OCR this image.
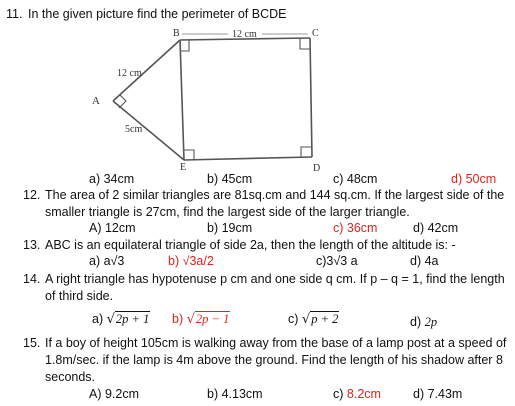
11. In the given picture find the perimeter of BCDE
B	C
D
E
A
12 cm
12 cm
5cm
a) 34cm	b) 45cm	c) 48cm	d) 50cm
12. The area of 2 similar triangles are 81sq.cm and 144 sq.cm. If the largest side of the
smaller triangle is 27cm, find the largest side of the larger triangle.
A) 12cm	b) 19cm	c) 36cm	d) 42cm
13. ABC is an equilateral triangle of side 2a, then the length of the altitude is: -
a) a√3	b) √3a/2	c)3√3 a	d) 4a
14. A right triangle has hypotenuse p cm and one side q cm. If p – q = 1, find the length
of third side.
a) √2p + 1 b) √2p − 1	c) √p + 2	d) 2p
15. If a boy of height 105cm is walking away from the base of a lamp post at a speed of
1.8m/sec. if the lamp is 4m above the ground. Find the length of his shadow after 8
seconds.
A) 9.2cm	b) 4.13cm	c) 8.2cm	d) 7.43m
